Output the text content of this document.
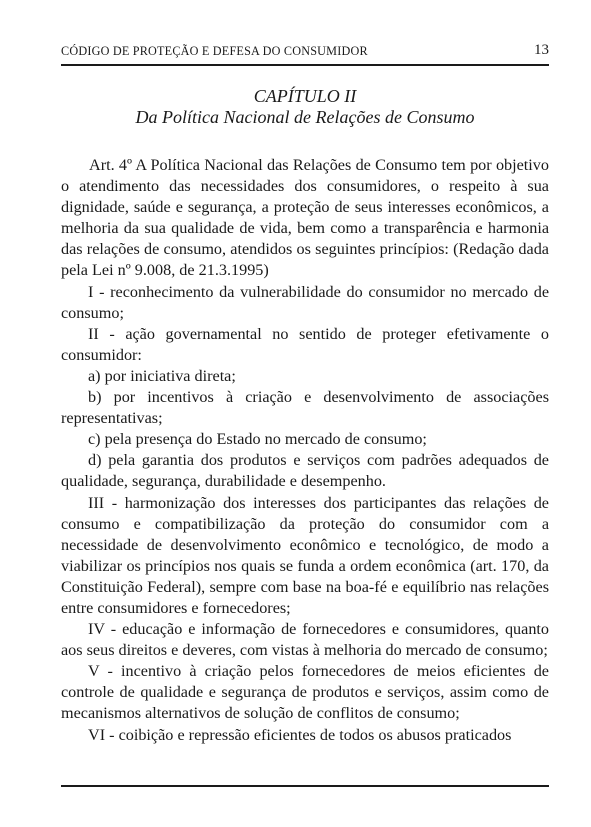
CÓDIGO DE PROTEÇÃO E DEFESA DO CONSUMIDOR	13
CAPÍTULO II
Da Política Nacional de Relações de Consumo

Art. 4º A Política Nacional das Relações de Consumo tem por objetivo o atendimento das necessidades dos consumidores, o respeito à sua dignidade, saúde e segurança, a proteção de seus interesses econômicos, a melhoria da sua qualidade de vida, bem como a transparência e harmonia das relações de consumo, atendidos os seguintes princípios: (Redação dada pela Lei nº 9.008, de 21.3.1995)

I - reconhecimento da vulnerabilidade do consumidor no mercado de consumo;

II - ação governamental no sentido de proteger efetivamente o consumidor:

a) por iniciativa direta;

b) por incentivos à criação e desenvolvimento de associações representativas;

c) pela presença do Estado no mercado de consumo;

d) pela garantia dos produtos e serviços com padrões adequados de qualidade, segurança, durabilidade e desempenho.

III - harmonização dos interesses dos participantes das relações de consumo e compatibilização da proteção do consumidor com a necessidade de desenvolvimento econômico e tecnológico, de modo a viabilizar os princípios nos quais se funda a ordem econômica (art. 170, da Constituição Federal), sempre com base na boa-fé e equilíbrio nas relações entre consumidores e fornecedores;

IV - educação e informação de fornecedores e consumidores, quanto aos seus direitos e deveres, com vistas à melhoria do mercado de consumo;

V - incentivo à criação pelos fornecedores de meios eficientes de controle de qualidade e segurança de produtos e serviços, assim como de mecanismos alternativos de solução de conflitos de consumo;

VI - coibição e repressão eficientes de todos os abusos praticados
